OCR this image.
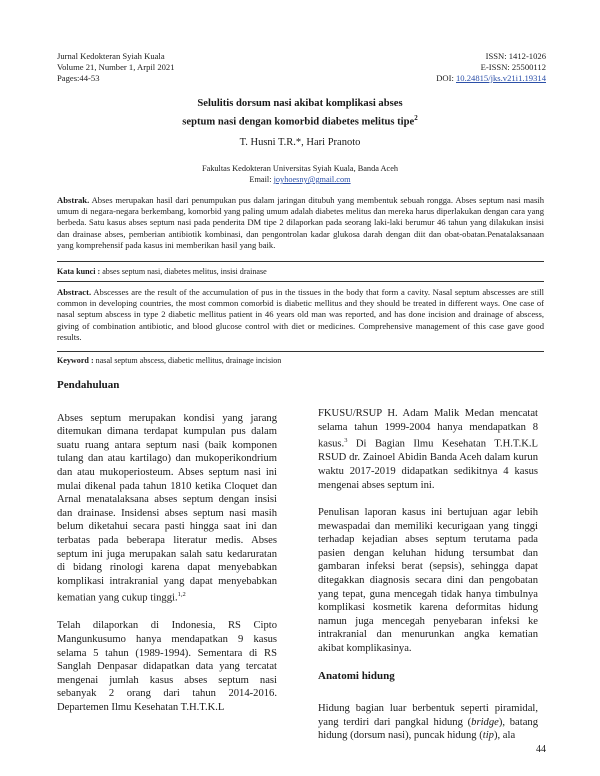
Jurnal Kedokteran Syiah Kuala
Volume 21, Number 1, Arpil 2021
Pages:44-53
ISSN: 1412-1026
E-ISSN: 25500112
DOI: 10.24815/jks.v21i1.19314
Selulitis dorsum nasi akibat komplikasi abses
septum nasi dengan komorbid diabetes melitus tipe$^2$
T. Husni T.R.*, Hari Pranoto
Fakultas Kedokteran Universitas Syiah Kuala, Banda Aceh
Email: joyhoesny@gmail.com
Abstrak. Abses merupakan hasil dari penumpukan pus dalam jaringan ditubuh yang membentuk sebuah rongga. Abses septum nasi masih umum di negara-negara berkembang, komorbid yang paling umum adalah diabetes melitus dan mereka harus diperlakukan dengan cara yang berbeda. Satu kasus abses septum nasi pada penderita DM tipe 2 dilaporkan pada seorang laki-laki berumur 46 tahun yang dilakukan insisi dan drainase abses, pemberian antibiotik kombinasi, dan pengontrolan kadar glukosa darah dengan diit dan obat-obatan.Penatalaksanaan yang komprehensif pada kasus ini memberikan hasil yang baik.
Kata kunci : abses septum nasi, diabetes melitus, insisi drainase
Abstract. Abscesses are the result of the accumulation of pus in the tissues in the body that form a cavity. Nasal septum abscesses are still common in developing countries, the most common comorbid is diabetic mellitus and they should be treated in different ways. One case of nasal septum abscess in type 2 diabetic mellitus patient in 46 years old man was reported, and has done incision and drainage of abscess, giving of combination antibiotic, and blood glucose control with diet or medicines. Comprehensive management of this case gave good results.
Keyword : nasal septum abscess, diabetic mellitus, drainage incision
Pendahuluan

Abses septum merupakan kondisi yang jarang ditemukan dimana terdapat kumpulan pus dalam suatu ruang antara septum nasi (baik komponen tulang dan atau kartilago) dan mukoperikondrium dan atau mukoperiosteum. Abses septum nasi ini mulai dikenal pada tahun 1810 ketika Cloquet dan Arnal menatalaksana abses septum dengan insisi dan drainase. Insidensi abses septum nasi masih belum diketahui secara pasti hingga saat ini dan terbatas pada beberapa literatur medis. Abses septum ini juga merupakan salah satu kedaruratan di bidang rinologi karena dapat menyebabkan komplikasi intrakranial yang dapat menyebabkan kematian yang cukup tinggi.$^{1,2}$

Telah dilaporkan di Indonesia, RS Cipto Mangunkusumo hanya mendapatkan 9 kasus selama 5 tahun (1989-1994). Sementara di RS Sanglah Denpasar didapatkan data yang tercatat mengenai jumlah kasus abses septum nasi sebanyak 2 orang dari tahun 2014-2016. Departemen Ilmu Kesehatan T.H.T.K.L

FKUSU/RSUP H. Adam Malik Medan mencatat selama tahun 1999-2004 hanya mendapatkan 8 kasus.$^3$ Di Bagian Ilmu Kesehatan T.H.T.K.L RSUD dr. Zainoel Abidin Banda Aceh dalam kurun waktu 2017-2019 didapatkan sedikitnya 4 kasus mengenai abses septum ini.

Penulisan laporan kasus ini bertujuan agar lebih mewaspadai dan memiliki kecurigaan yang tinggi terhadap kejadian abses septum terutama pada pasien dengan keluhan hidung tersumbat dan gambaran infeksi berat (sepsis), sehingga dapat ditegakkan diagnosis secara dini dan pengobatan yang tepat, guna mencegah tidak hanya timbulnya komplikasi kosmetik karena deformitas hidung namun juga mencegah penyebaran infeksi ke intrakranial dan menurunkan angka kematian akibat komplikasinya.

Anatomi hidung

Hidung bagian luar berbentuk seperti piramidal, yang terdiri dari pangkal hidung (bridge), batang hidung (dorsum nasi), puncak hidung (tip), ala

44
